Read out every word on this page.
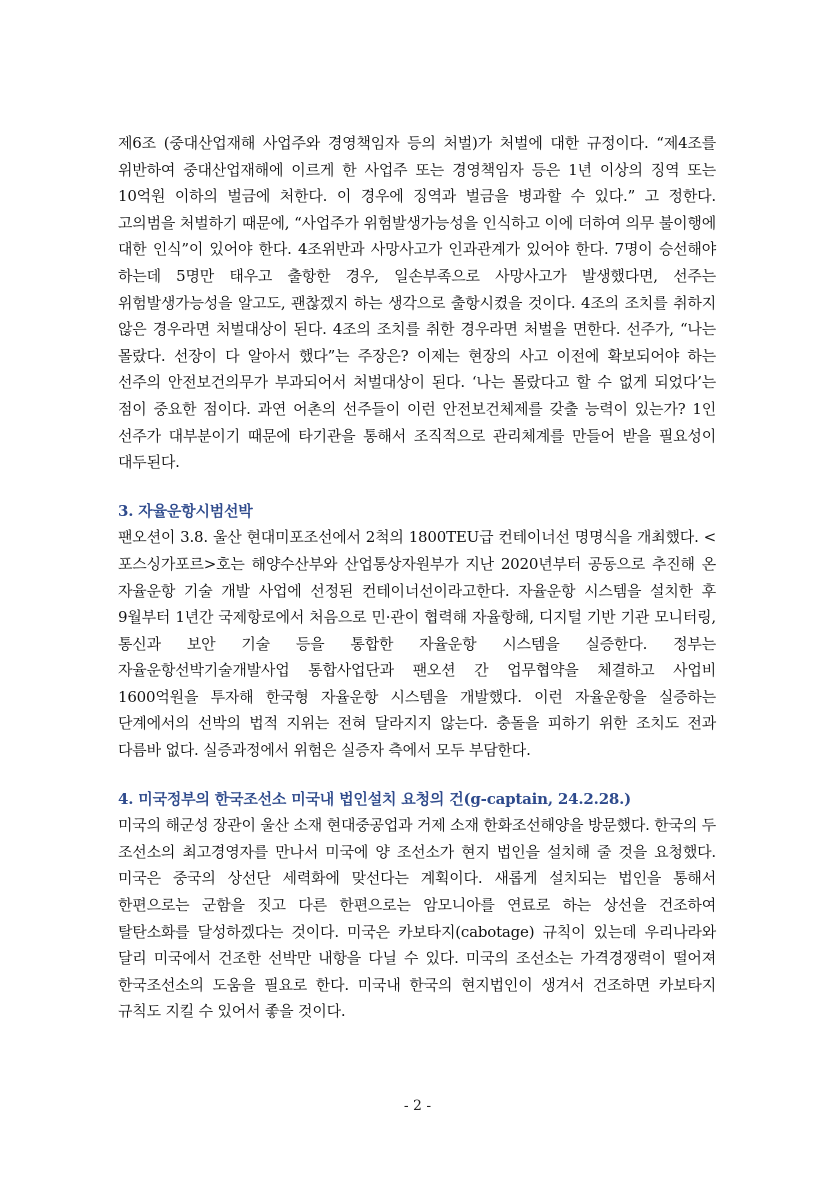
제6조 (중대산업재해 사업주와 경영책임자 등의 처벌)가 처벌에 대한 규정이다. “제4조를 위반하여 중대산업재해에 이르게 한 사업주 또는 경영책임자 등은 1년 이상의 징역 또는 10억원 이하의 벌금에 처한다. 이 경우에 징역과 벌금을 병과할 수 있다.” 고 정한다. 고의범을 처벌하기 때문에, “사업주가 위험발생가능성을 인식하고 이에 더하여 의무 불이행에 대한 인식”이 있어야 한다. 4조위반과 사망사고가 인과관계가 있어야 한다. 7명이 승선해야 하는데 5명만 태우고 출항한 경우, 일손부족으로 사망사고가 발생했다면, 선주는 위험발생가능성을 알고도, 괜찮겠지 하는 생각으로 출항시켰을 것이다. 4조의 조치를 취하지 않은 경우라면 처벌대상이 된다. 4조의 조치를 취한 경우라면 처벌을 면한다. 선주가, “나는 몰랐다. 선장이 다 알아서 했다”는 주장은? 이제는 현장의 사고 이전에 확보되어야 하는 선주의 안전보건의무가 부과되어서 처벌대상이 된다. ‘나는 몰랐다고 할 수 없게 되었다’는 점이 중요한 점이다. 과연 어촌의 선주들이 이런 안전보건체제를 갖출 능력이 있는가? 1인 선주가 대부분이기 때문에 타기관을 통해서 조직적으로 관리체계를 만들어 받을 필요성이 대두된다.

3. 자율운항시범선박

팬오션이 3.8. 울산 현대미포조선에서 2척의 1800TEU급 컨테이너선 명명식을 개최했다. <포스싱가포르>호는 해양수산부와 산업통상자원부가 지난 2020년부터 공동으로 추진해 온 자율운항 기술 개발 사업에 선정된 컨테이너선이라고한다. 자율운항 시스템을 설치한 후 9월부터 1년간 국제항로에서 처음으로 민·관이 협력해 자율항해, 디지털 기반 기관 모니터링, 통신과 보안 기술 등을 통합한 자율운항 시스템을 실증한다. 정부는 자율운항선박기술개발사업 통합사업단과 팬오션 간 업무협약을 체결하고 사업비 1600억원을 투자해 한국형 자율운항 시스템을 개발했다. 이런 자율운항을 실증하는 단계에서의 선박의 법적 지위는 전혀 달라지지 않는다. 충돌을 피하기 위한 조치도 전과 다름바 없다. 실증과정에서 위험은 실증자 측에서 모두 부담한다.

4. 미국정부의 한국조선소 미국내 법인설치 요청의 건(g-captain, 24.2.28.)

미국의 해군성 장관이 울산 소재 현대중공업과 거제 소재 한화조선해양을 방문했다. 한국의 두 조선소의 최고경영자를 만나서 미국에 양 조선소가 현지 법인을 설치해 줄 것을 요청했다. 미국은 중국의 상선단 세력화에 맞선다는 계획이다. 새롭게 설치되는 법인을 통해서 한편으로는 군함을 짓고 다른 한편으로는 암모니아를 연료로 하는 상선을 건조하여 탈탄소화를 달성하겠다는 것이다. 미국은 카보타지(cabotage) 규칙이 있는데 우리나라와 달리 미국에서 건조한 선박만 내항을 다닐 수 있다. 미국의 조선소는 가격경쟁력이 떨어져 한국조선소의 도움을 필요로 한다. 미국내 한국의 현지법인이 생겨서 건조하면 카보타지 규칙도 지킬 수 있어서 좋을 것이다.

- 2 -
